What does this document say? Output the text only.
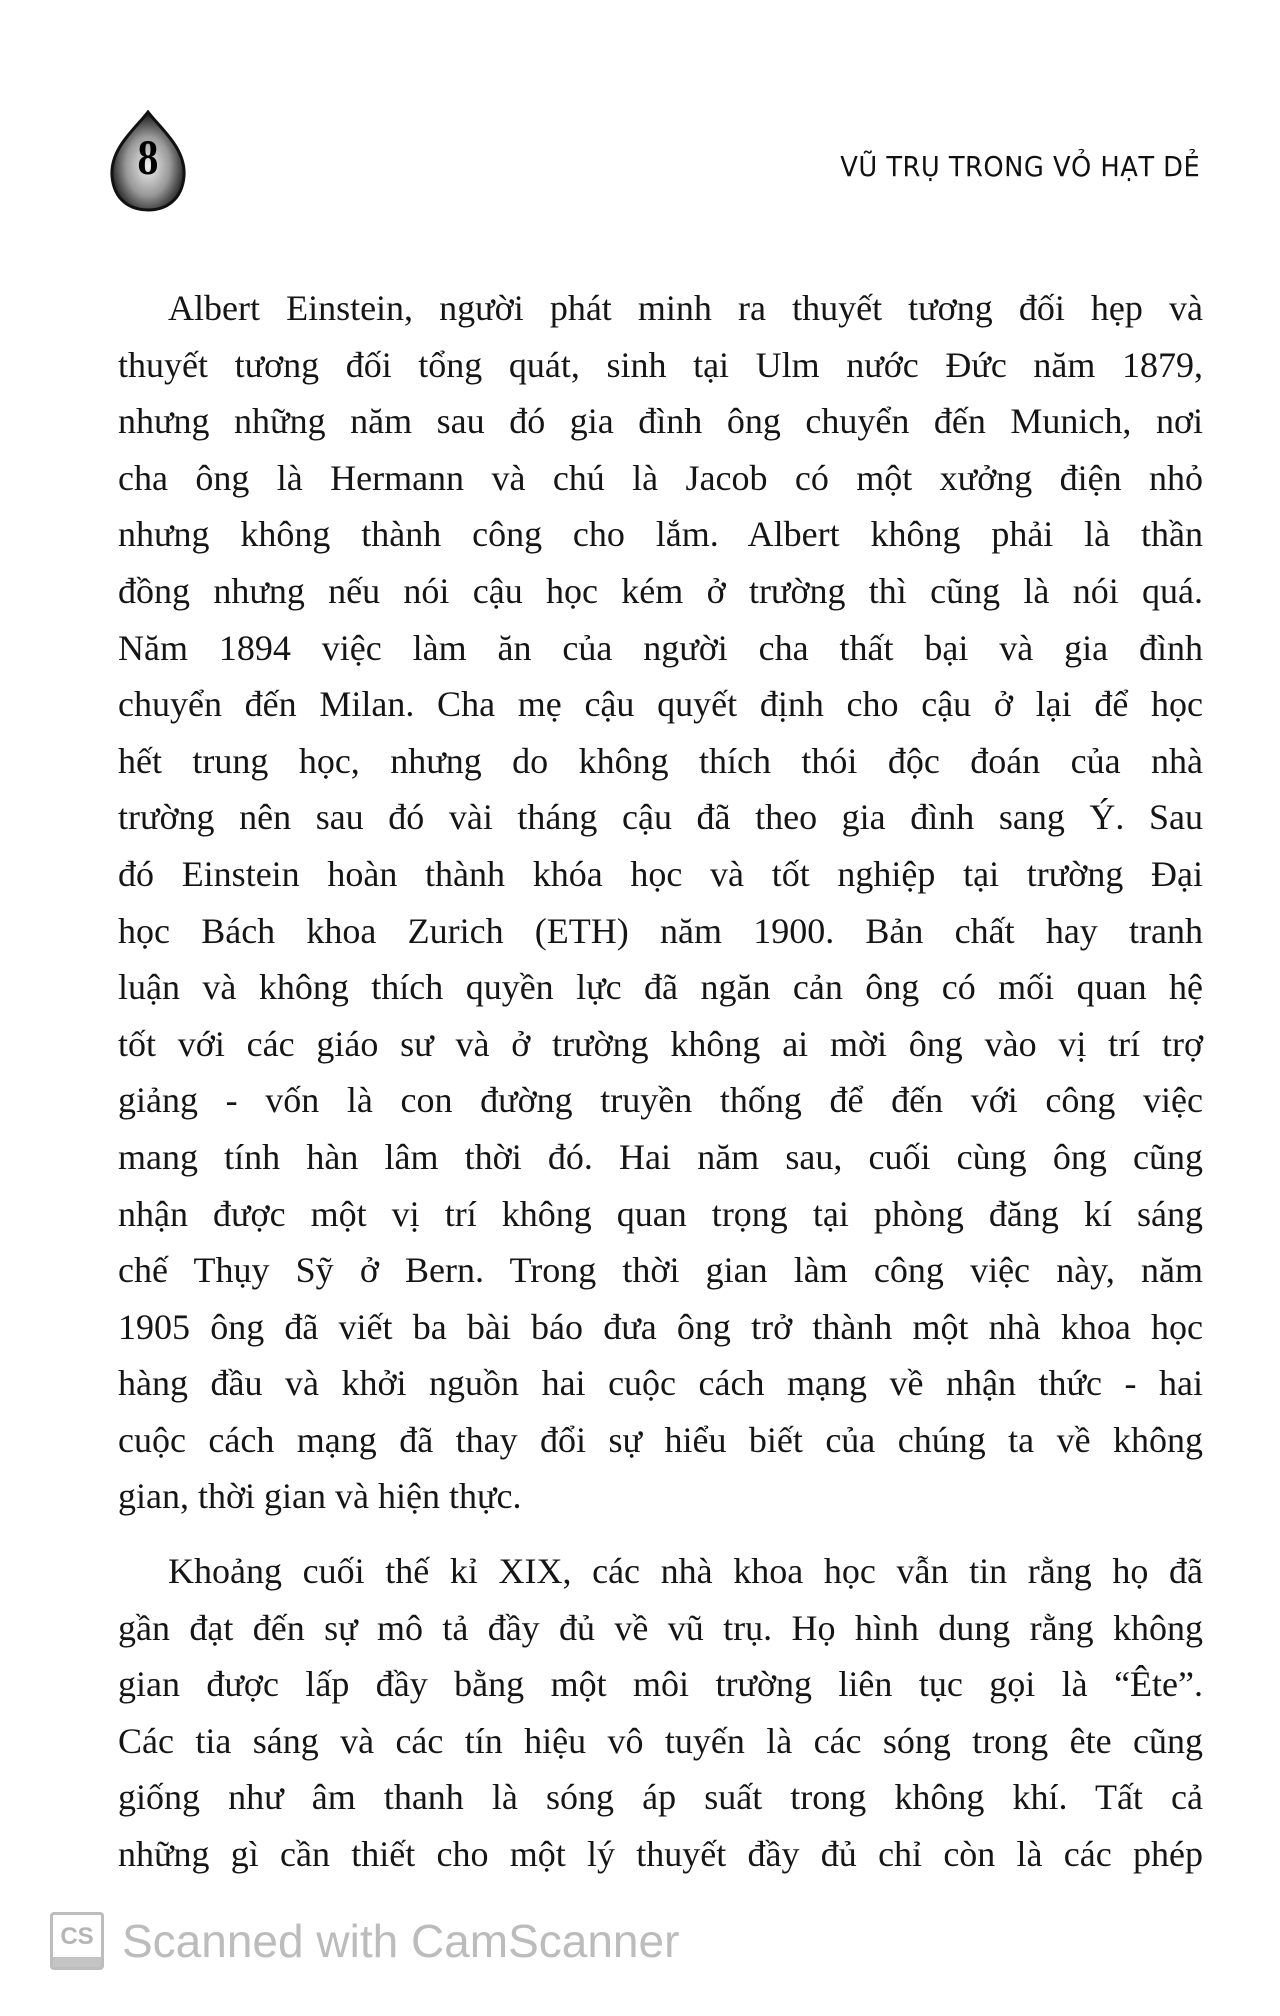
8	VŨ TRỤ TRONG VỎ HẠT DẺ
Albert Einstein, người phát minh ra thuyết tương đối hẹp và
thuyết tương đối tổng quát, sinh tại Ulm nước Đức năm 1879,
nhưng những năm sau đó gia đình ông chuyển đến Munich, nơi
cha ông là Hermann và chú là Jacob có một xưởng điện nhỏ
nhưng không thành công cho lắm. Albert không phải là thần
đồng nhưng nếu nói cậu học kém ở trường thì cũng là nói quá.
Năm 1894 việc làm ăn của người cha thất bại và gia đình
chuyển đến Milan. Cha mẹ cậu quyết định cho cậu ở lại để học
hết trung học, nhưng do không thích thói độc đoán của nhà
trường nên sau đó vài tháng cậu đã theo gia đình sang Ý. Sau
đó Einstein hoàn thành khóa học và tốt nghiệp tại trường Đại
học Bách khoa Zurich (ETH) năm 1900. Bản chất hay tranh
luận và không thích quyền lực đã ngăn cản ông có mối quan hệ
tốt với các giáo sư và ở trường không ai mời ông vào vị trí trợ
giảng - vốn là con đường truyền thống để đến với công việc
mang tính hàn lâm thời đó. Hai năm sau, cuối cùng ông cũng
nhận được một vị trí không quan trọng tại phòng đăng kí sáng
chế Thụy Sỹ ở Bern. Trong thời gian làm công việc này, năm
1905 ông đã viết ba bài báo đưa ông trở thành một nhà khoa học
hàng đầu và khởi nguồn hai cuộc cách mạng về nhận thức - hai
cuộc cách mạng đã thay đổi sự hiểu biết của chúng ta về không
gian, thời gian và hiện thực.
Khoảng cuối thế kỉ XIX, các nhà khoa học vẫn tin rằng họ đã
gần đạt đến sự mô tả đầy đủ về vũ trụ. Họ hình dung rằng không
gian được lấp đầy bằng một môi trường liên tục gọi là “Ête”.
Các tia sáng và các tín hiệu vô tuyến là các sóng trong ête cũng
giống như âm thanh là sóng áp suất trong không khí. Tất cả
những gì cần thiết cho một lý thuyết đầy đủ chỉ còn là các phép
CS Scanned with CamScanner
